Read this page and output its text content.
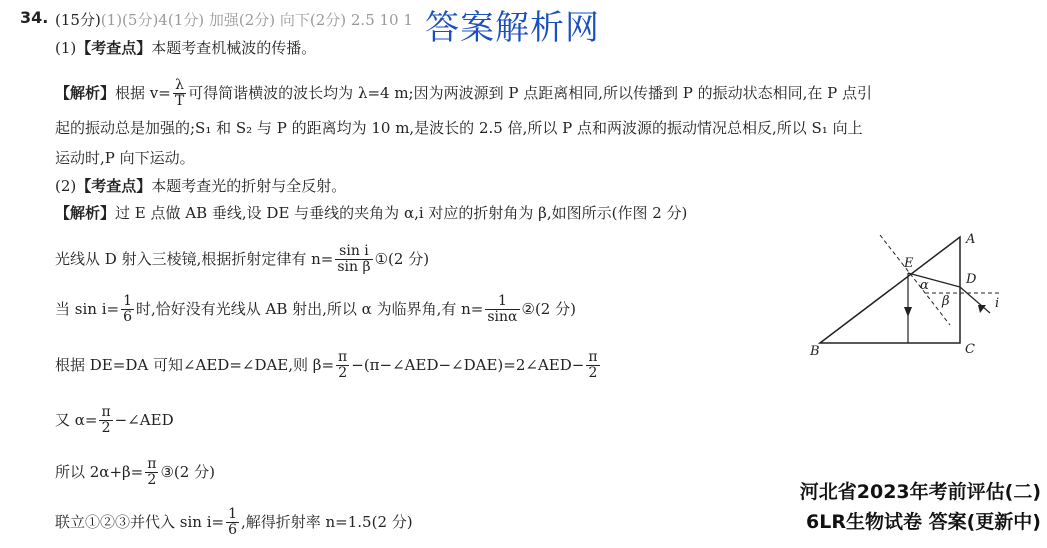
34. (15分)(1)(5分)4(1分) 加强(2分) 向下(2分) 2.5 10 1 答案解析网
(1)【考查点】本题考查机械波的传播。
【解析】根据 $v= \frac{\lambda}{T}$ 可得简谐横波的波长均为 λ=4 m;因为两波源到 P 点距离相同,所以传播到 P 的振动状态相同,在 P 点引
起的振动总是加强的;S₁ 和 S₂ 与 P 的距离均为 10 m,是波长的 2.5 倍,所以 P 点和两波源的振动情况总相反,所以 S₁ 向上
运动时,P 向下运动。
(2)【考查点】本题考查光的折射与全反射。
【解析】过 E 点做 AB 垂线,设 DE 与垂线的夹角为 α,i 对应的折射角为 β,如图所示(作图 2 分)
光线从 D 射入三棱镜,根据折射定律有 $n= \frac{\text{sin i}}{\text{sin β}}$ ①(2 分)
当 $\sin i= \frac{1}{6}$ 时,恰好没有光线从 AB 射出,所以 α 为临界角,有 $n= \frac{1}{\sin\alpha}$ ②(2 分)
根据 DE=DA 可知∠AED=∠DAE,则 $\beta= \frac{\pi}{2}$ −(π−∠AED−∠DAE)=2∠AED− $\frac{\pi}{2}$
又 $\alpha= \frac{\pi}{2}$ −∠AED
所以 $2\alpha+\beta= \frac{\pi}{2}$ ③(2 分)
联立①②③并代入 $\sin i= \frac{1}{6}$ ,解得折射率 n=1.5(2 分)
A
B	C
D
E
α
β	i
河北省2023年考前评估(二)
6LR生物试卷 答案(更新中)
